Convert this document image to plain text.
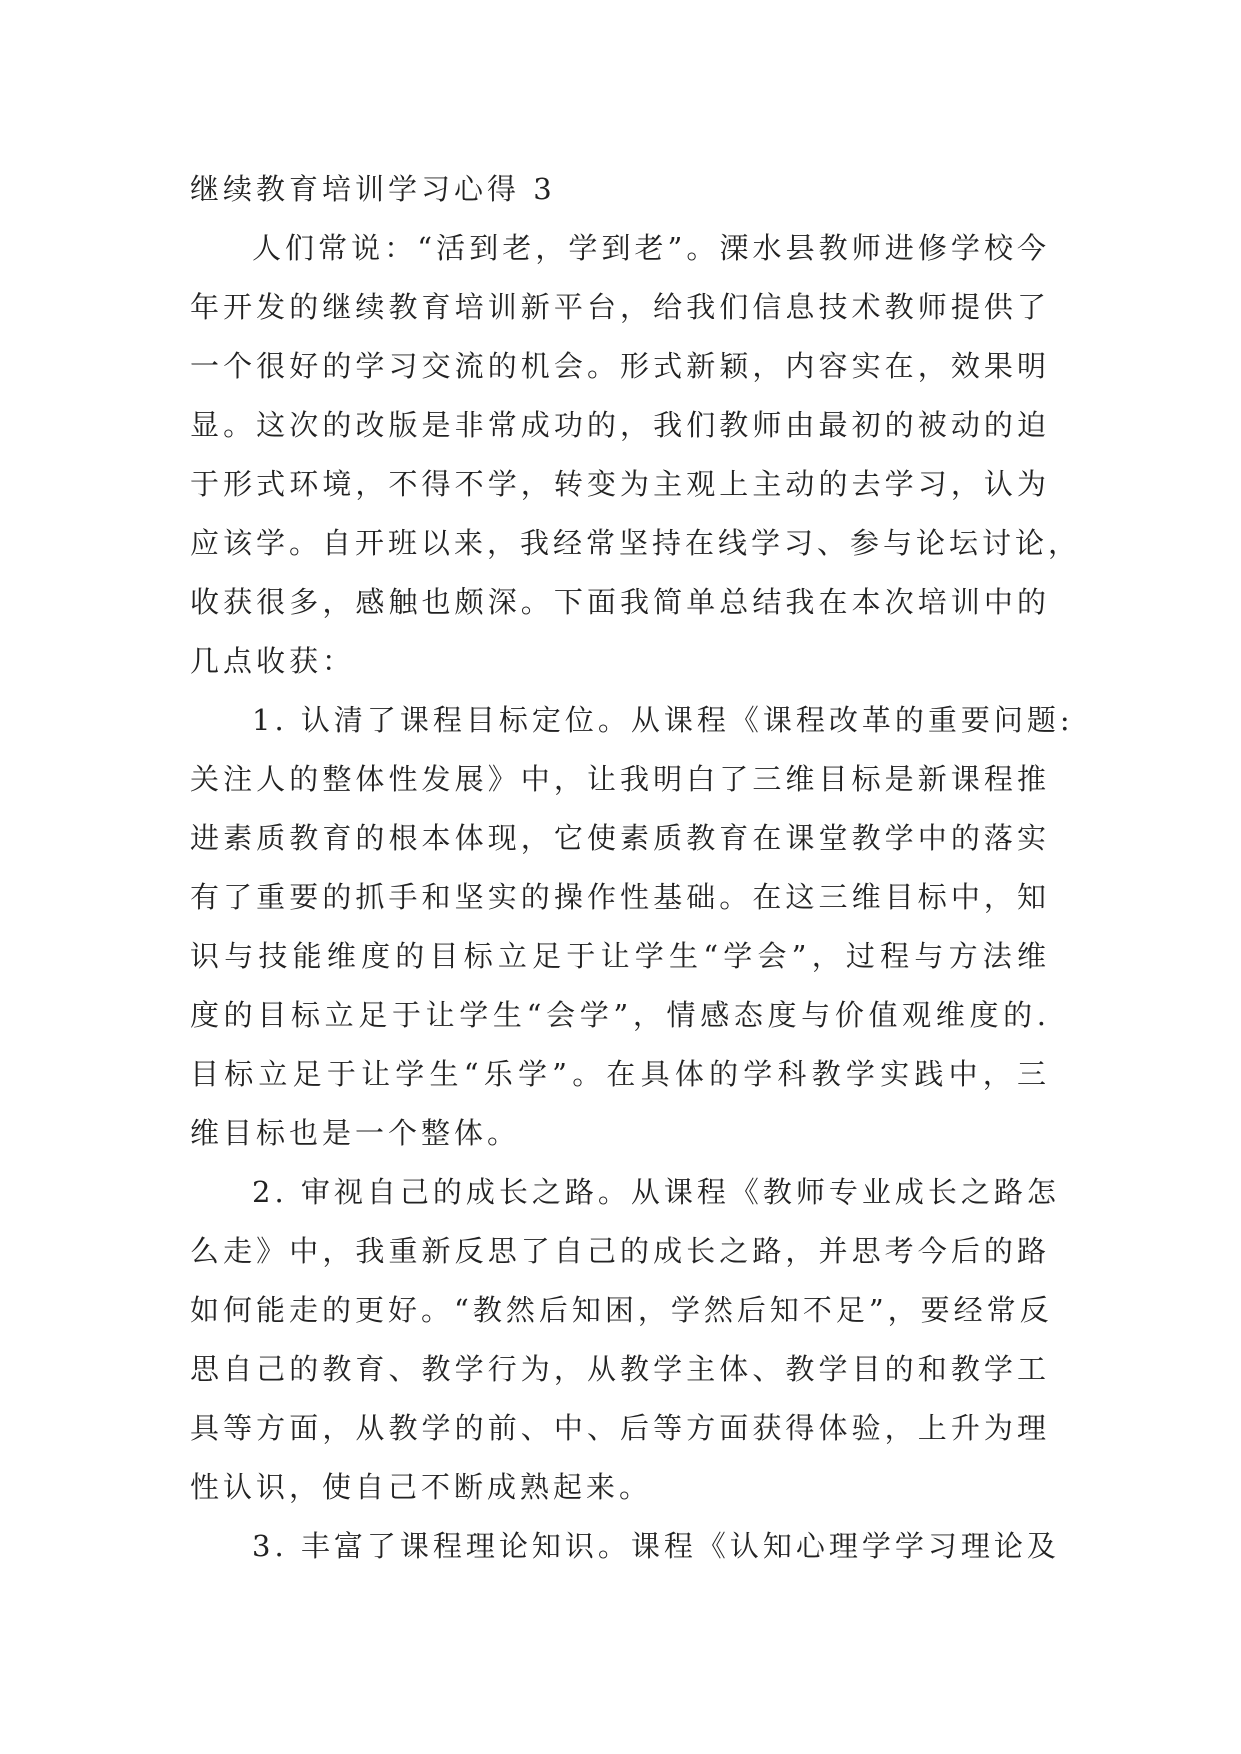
继续教育培训学习心得 3
人们常说：“活到老，学到老”。溧水县教师进修学校今
年开发的继续教育培训新平台，给我们信息技术教师提供了
一个很好的学习交流的机会。形式新颖，内容实在，效果明
显。这次的改版是非常成功的，我们教师由最初的被动的迫
于形式环境，不得不学，转变为主观上主动的去学习，认为
应该学。自开班以来，我经常坚持在线学习、参与论坛讨论，
收获很多，感触也颇深。下面我简单总结我在本次培训中的
几点收获：
1. 认清了课程目标定位。从课程《课程改革的重要问题:
关注人的整体性发展》中，让我明白了三维目标是新课程推
进素质教育的根本体现，它使素质教育在课堂教学中的落实
有了重要的抓手和坚实的操作性基础。在这三维目标中，知
识与技能维度的目标立足于让学生“学会”，过程与方法维
度的目标立足于让学生“会学”，情感态度与价值观维度的.
目标立足于让学生“乐学”。在具体的学科教学实践中，三
维目标也是一个整体。
2. 审视自己的成长之路。从课程《教师专业成长之路怎
么走》中，我重新反思了自己的成长之路，并思考今后的路
如何能走的更好。“教然后知困，学然后知不足”，要经常反
思自己的教育、教学行为，从教学主体、教学目的和教学工
具等方面，从教学的前、中、后等方面获得体验，上升为理
性认识，使自己不断成熟起来。
3. 丰富了课程理论知识。课程《认知心理学学习理论及
